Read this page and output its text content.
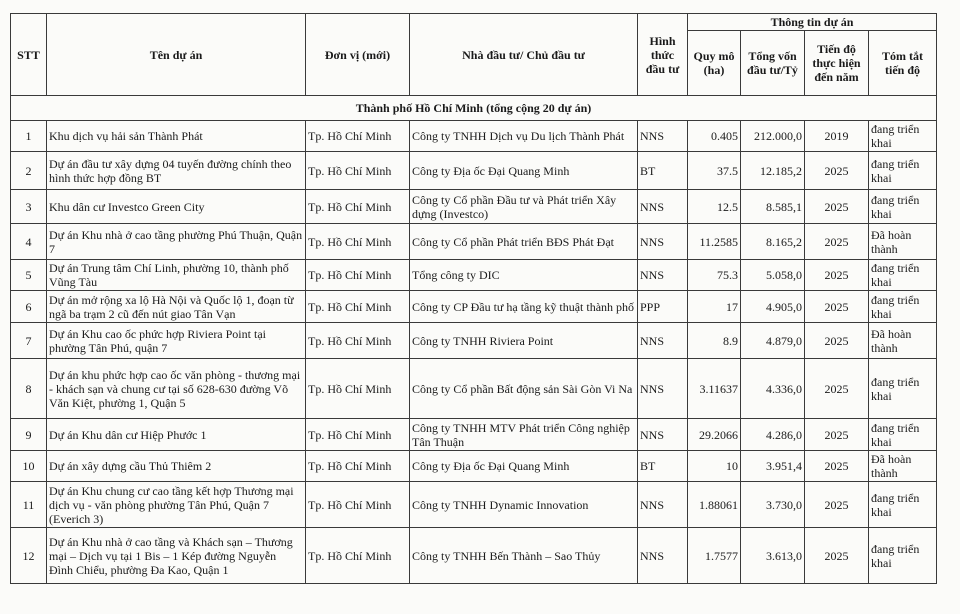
STT	Tên dự án	Đơn vị (mới)	Nhà đầu tư/ Chủ đầu tư	Hình thức đầu tư	Thông tin dự án			
					Quy mô (ha)	Tổng vốn đầu tư/Tỷ	Tiến độ thực hiện đến năm	Tóm tắt tiến độ
Thành phố Hồ Chí Minh (tổng cộng 20 dự án)								
1	Khu dịch vụ hải sản Thành Phát	Tp. Hồ Chí Minh	Công ty TNHH Dịch vụ Du lịch Thành Phát	NNS	0.405	212.000,0	2019	đang triển khai
2	Dự án đầu tư xây dựng 04 tuyến đường chính theo hình thức hợp đồng BT	Tp. Hồ Chí Minh	Công ty Địa ốc Đại Quang Minh	BT	37.5	12.185,2	2025	đang triển khai
3	Khu dân cư Investco Green City	Tp. Hồ Chí Minh	Công ty Cổ phần Đầu tư và Phát triển Xây dựng (Investco)	NNS	12.5	8.585,1	2025	đang triển khai
4	Dự án Khu nhà ở cao tầng phường Phú Thuận, Quận 7	Tp. Hồ Chí Minh	Công ty Cổ phần Phát triển BĐS Phát Đạt	NNS	11.2585	8.165,2	2025	Đã hoàn thành
5	Dự án Trung tâm Chí Linh, phường 10, thành phố Vũng Tàu	Tp. Hồ Chí Minh	Tổng công ty DIC	NNS	75.3	5.058,0	2025	đang triển khai
6	Dự án mở rộng xa lộ Hà Nội và Quốc lộ 1, đoạn từ ngã ba trạm 2 cũ đến nút giao Tân Vạn	Tp. Hồ Chí Minh	Công ty CP Đầu tư hạ tầng kỹ thuật thành phố	PPP	17	4.905,0	2025	đang triển khai
7	Dự án Khu cao ốc phức hợp Riviera Point tại phường Tân Phú, quận 7	Tp. Hồ Chí Minh	Công ty TNHH Riviera Point	NNS	8.9	4.879,0	2025	Đã hoàn thành
8	Dự án khu phức hợp cao ốc văn phòng - thương mại - khách sạn và chung cư tại số 628-630 đường Võ Văn Kiệt, phường 1, Quận 5	Tp. Hồ Chí Minh	Công ty Cổ phần Bất động sản Sài Gòn Vi Na	NNS	3.11637	4.336,0	2025	đang triển khai
9	Dự án Khu dân cư Hiệp Phước 1	Tp. Hồ Chí Minh	Công ty TNHH MTV Phát triển Công nghiệp Tân Thuận	NNS	29.2066	4.286,0	2025	đang triển khai
10	Dự án xây dựng cầu Thủ Thiêm 2	Tp. Hồ Chí Minh	Công ty Địa ốc Đại Quang Minh	BT	10	3.951,4	2025	Đã hoàn thành
11	Dự án Khu chung cư cao tầng kết hợp Thương mại dịch vụ - văn phòng phường Tân Phú, Quận 7 (Everich 3)	Tp. Hồ Chí Minh	Công ty TNHH Dynamic Innovation	NNS	1.88061	3.730,0	2025	đang triển khai
12	Dự án Khu nhà ở cao tầng và Khách sạn – Thương mại – Dịch vụ tại 1 Bis – 1 Kép đường Nguyễn Đình Chiểu, phường Đa Kao, Quận 1	Tp. Hồ Chí Minh	Công ty TNHH Bến Thành – Sao Thủy	NNS	1.7577	3.613,0	2025	đang triển khai
